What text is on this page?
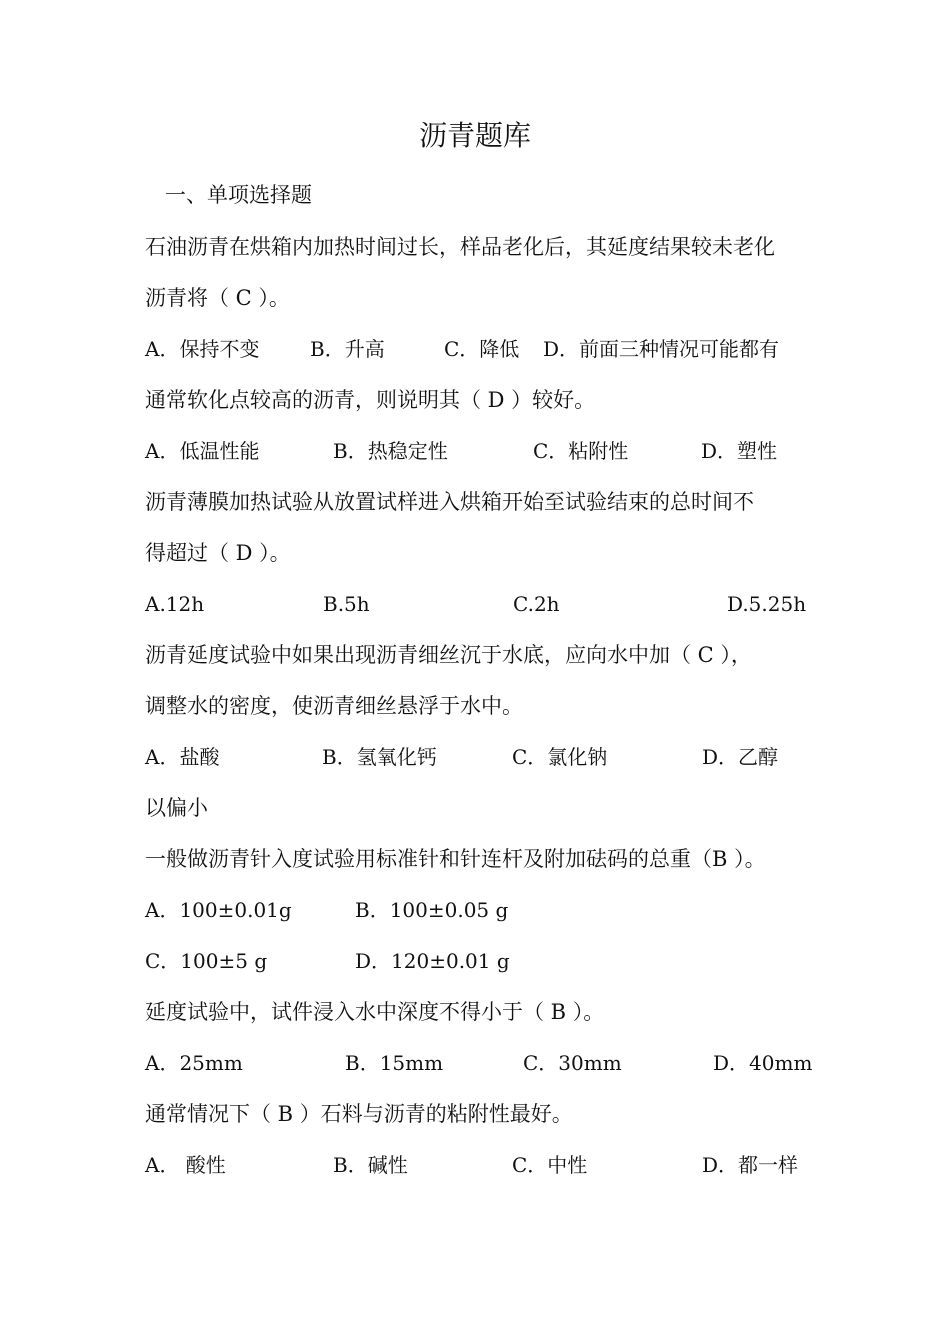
沥青题库
一、单项选择题
石油沥青在烘箱内加热时间过长，样品老化后，其延度结果较未老化
沥青将（ C ）。
A．保持不变	B．升高	C．降低 D．前面三种情况可能都有
通常软化点较高的沥青，则说明其（ D ）较好。
A．低温性能	B．热稳定性	C．粘附性	D．塑性
沥青薄膜加热试验从放置试样进入烘箱开始至试验结束的总时间不
得超过（ D ）。
A.12h	B.5h	C.2h	D.5.25h
沥青延度试验中如果出现沥青细丝沉于水底，应向水中加（ C ），
调整水的密度，使沥青细丝悬浮于水中。
A．盐酸	B．氢氧化钙	C．氯化钠	D．乙醇
以偏小
一般做沥青针入度试验用标准针和针连杆及附加砝码的总重（B ）。
A．100±0.01g	B．100±0.05 g
C．100±5 g	D．120±0.01 g
延度试验中，试件浸入水中深度不得小于（ B ）。
A．25mm	B．15mm	C．30mm	D．40mm
通常情况下（ B ）石料与沥青的粘附性最好。
A． 酸性	B．碱性	C．中性	D．都一样
